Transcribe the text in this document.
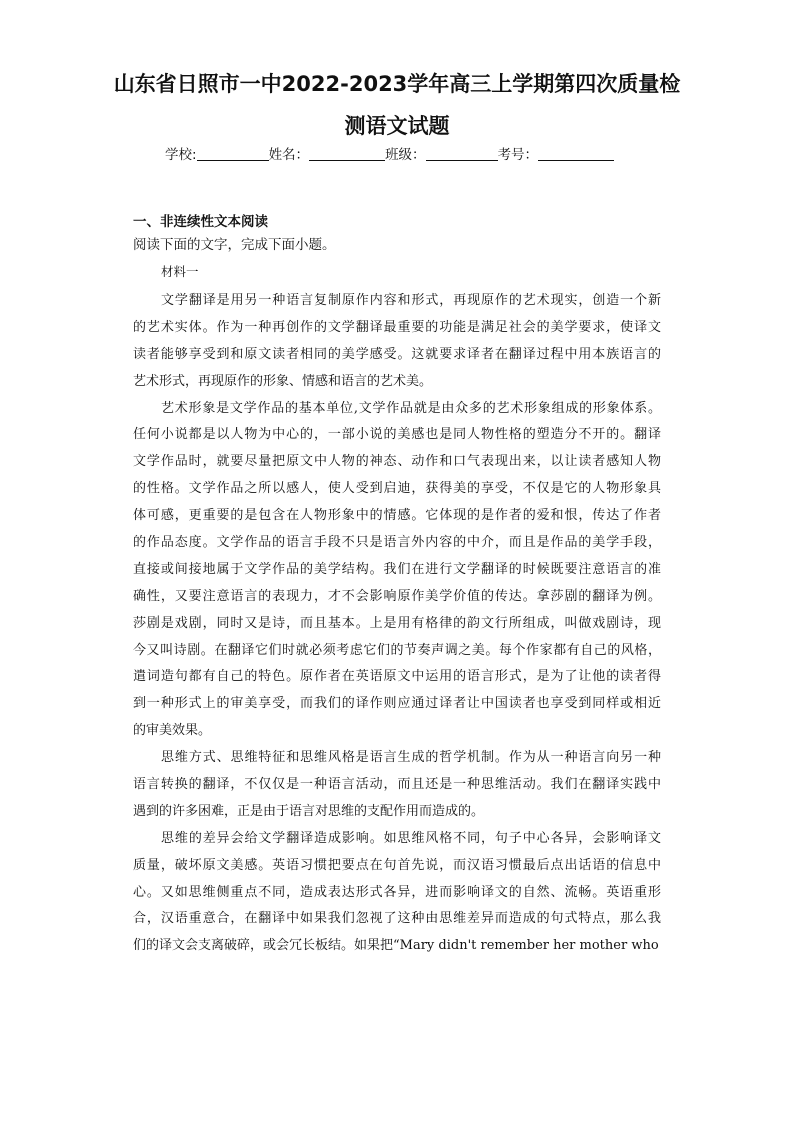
山东省日照市一中2022-2023学年高三上学期第四次质量检
测语文试题
学校:	姓名：	班级：	考号：
一、非连续性文本阅读
阅读下面的文字，完成下面小题。
材料一
文学翻译是用另一种语言复制原作内容和形式，再现原作的艺术现实，创造一个新
的艺术实体。作为一种再创作的文学翻译最重要的功能是满足社会的美学要求，使译文
读者能够享受到和原文读者相同的美学感受。这就要求译者在翻译过程中用本族语言的
艺术形式，再现原作的形象、情感和语言的艺术美。
艺术形象是文学作品的基本单位,文学作品就是由众多的艺术形象组成的形象体系。
任何小说都是以人物为中心的，一部小说的美感也是同人物性格的塑造分不开的。翻译
文学作品时，就要尽量把原文中人物的神态、动作和口气表现出来，以让读者感知人物
的性格。文学作品之所以感人，使人受到启迪，获得美的享受，不仅是它的人物形象具
体可感，更重要的是包含在人物形象中的情感。它体现的是作者的爱和恨，传达了作者
的作品态度。文学作品的语言手段不只是语言外内容的中介，而且是作品的美学手段，
直接或间接地属于文学作品的美学结构。我们在进行文学翻译的时候既要注意语言的准
确性，又要注意语言的表现力，才不会影响原作美学价值的传达。拿莎剧的翻译为例。
莎剧是戏剧，同时又是诗，而且基本。上是用有格律的韵文行所组成，叫做戏剧诗，现
今又叫诗剧。在翻译它们时就必须考虑它们的节奏声调之美。每个作家都有自己的风格，
遣词造句都有自己的特色。原作者在英语原文中运用的语言形式，是为了让他的读者得
到一种形式上的审美享受，而我们的译作则应通过译者让中国读者也享受到同样或相近
的审美效果。
思维方式、思维特征和思维风格是语言生成的哲学机制。作为从一种语言向另一种
语言转换的翻译，不仅仅是一种语言活动，而且还是一种思维活动。我们在翻译实践中
遇到的许多困难，正是由于语言对思维的支配作用而造成的。
思维的差异会给文学翻译造成影响。如思维风格不同，句子中心各异，会影响译文
质量，破坏原文美感。英语习惯把要点在句首先说，而汉语习惯最后点出话语的信息中
心。又如思维侧重点不同，造成表达形式各异，进而影响译文的自然、流畅。英语重形
合，汉语重意合，在翻译中如果我们忽视了这种由思维差异而造成的句式特点，那么我
们的译文会支离破碎，或会冗长板结。如果把“Mary didn't remember her mother who
